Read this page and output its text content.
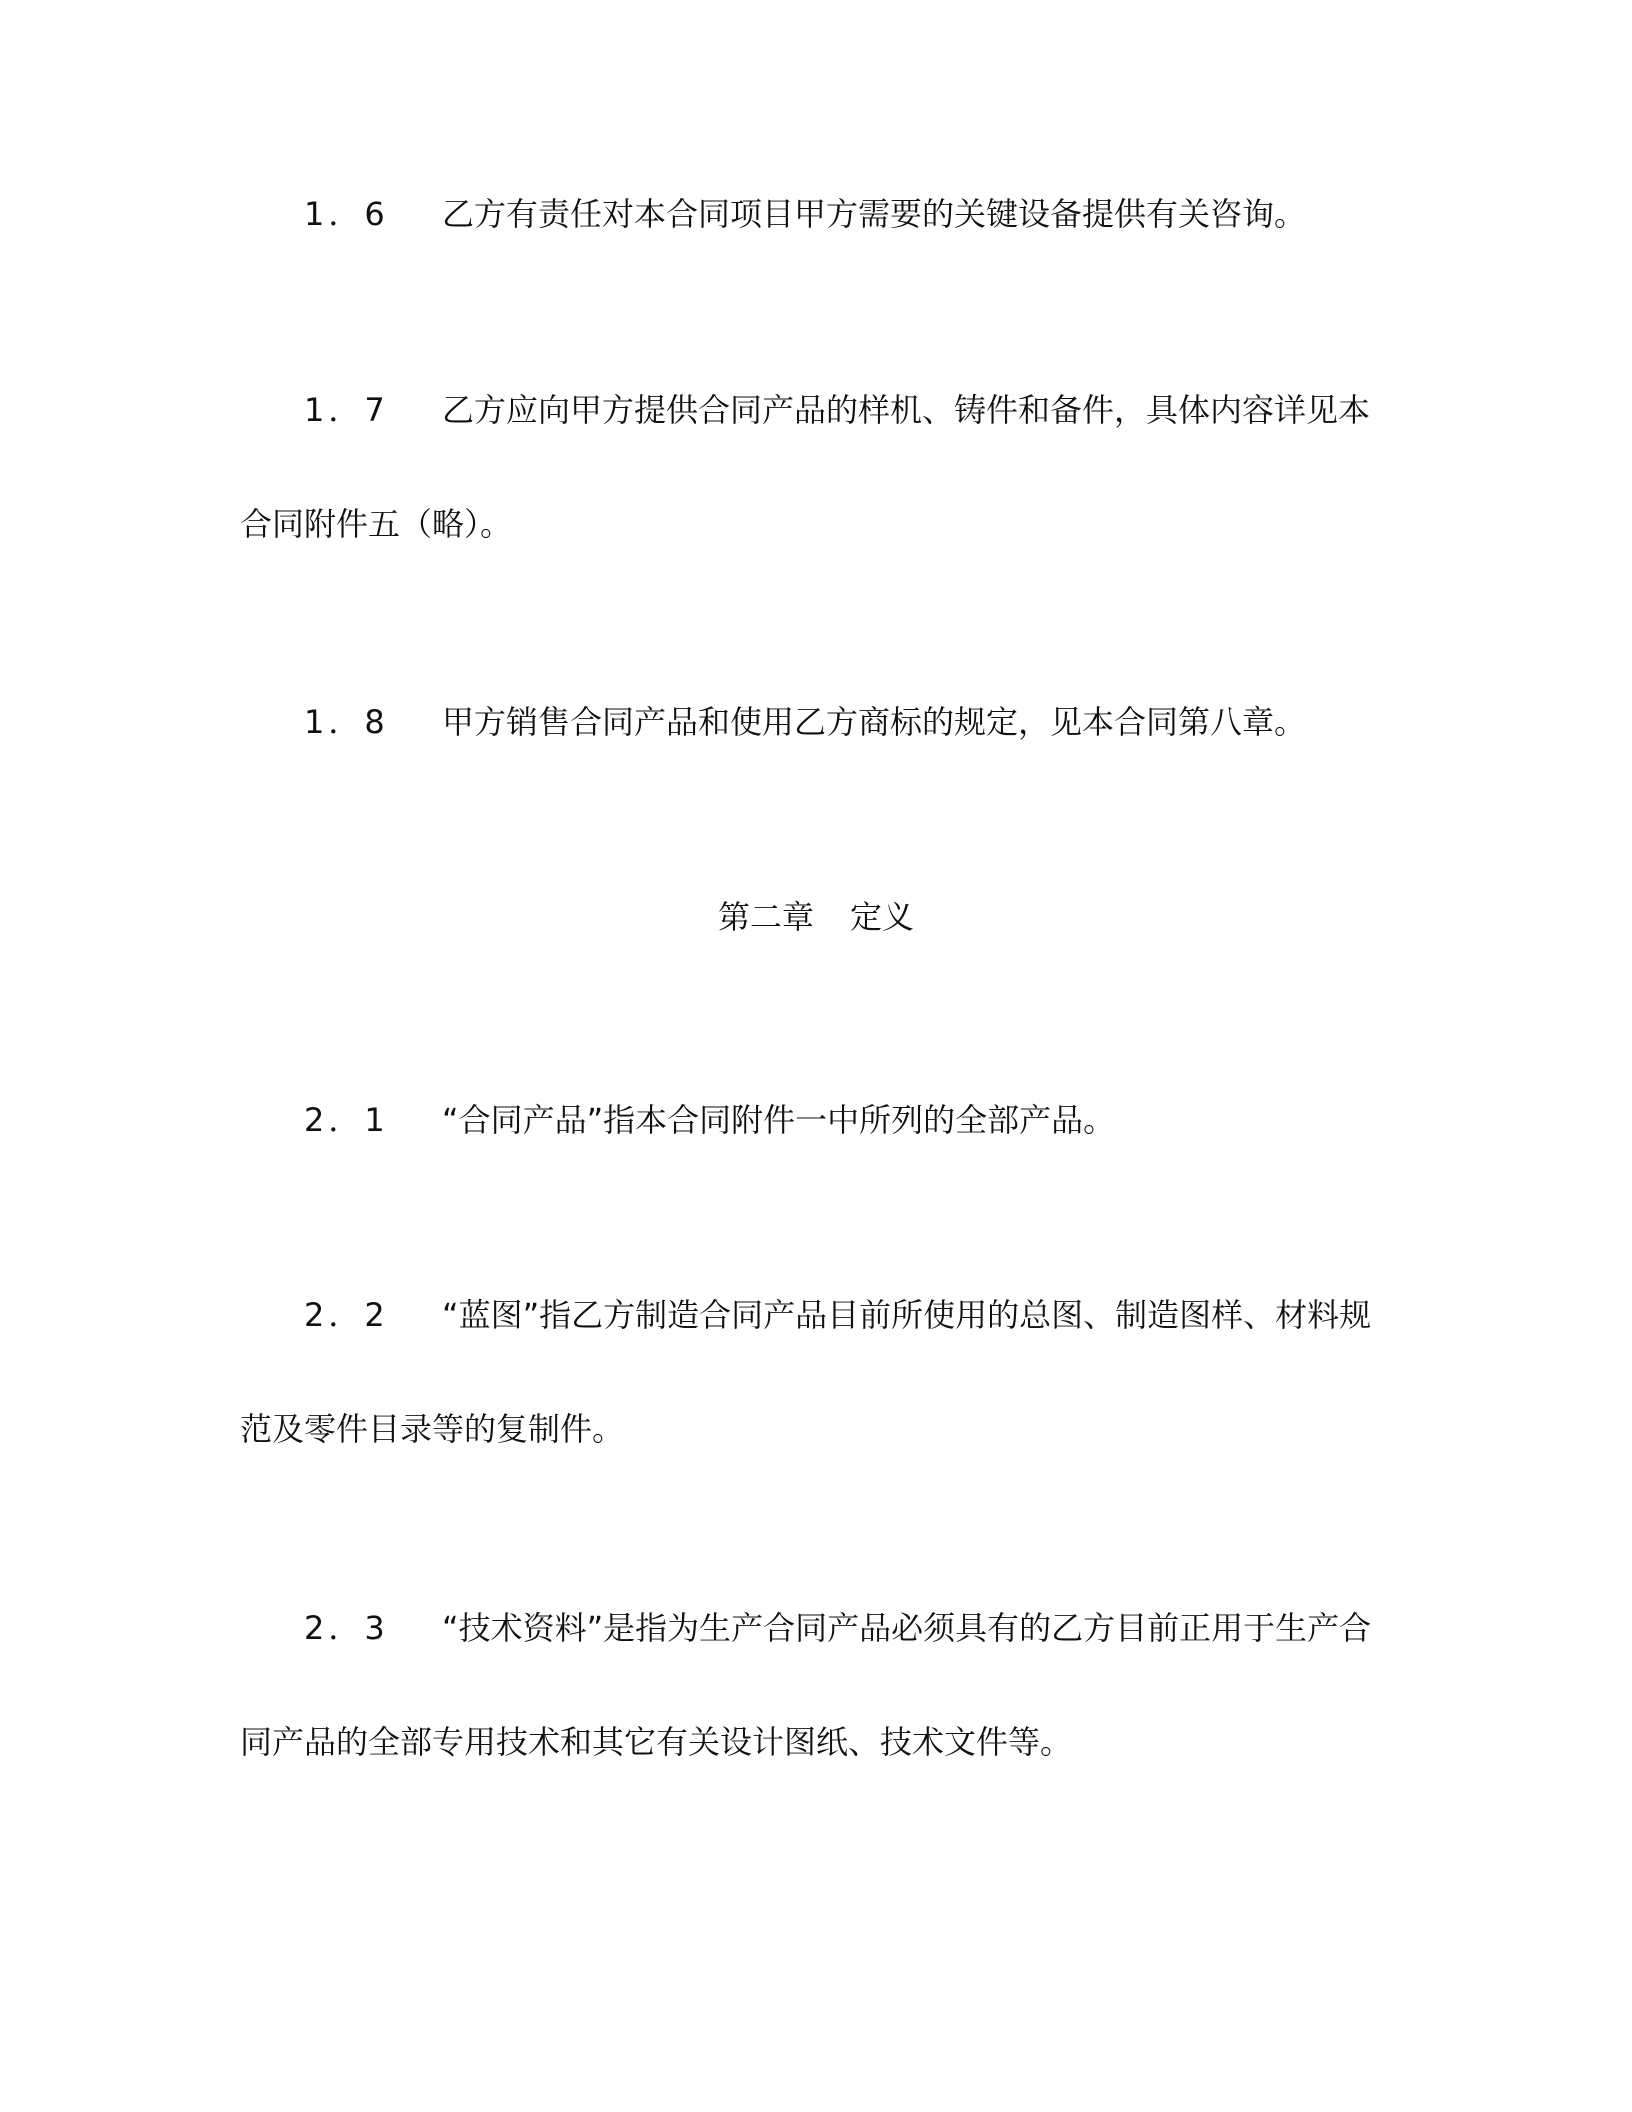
1．6 乙方有责任对本合同项目甲方需要的关键设备提供有关咨询。

1．7 乙方应向甲方提供合同产品的样机、铸件和备件，具体内容详见本合同附件五（略）。

1．8 甲方销售合同产品和使用乙方商标的规定，见本合同第八章。

第二章 定义

2．1 “合同产品”指本合同附件一中所列的全部产品。

2．2 “蓝图”指乙方制造合同产品目前所使用的总图、制造图样、材料规范及零件目录等的复制件。

2．3 “技术资料”是指为生产合同产品必须具有的乙方目前正用于生产合同产品的全部专用技术和其它有关设计图纸、技术文件等。
